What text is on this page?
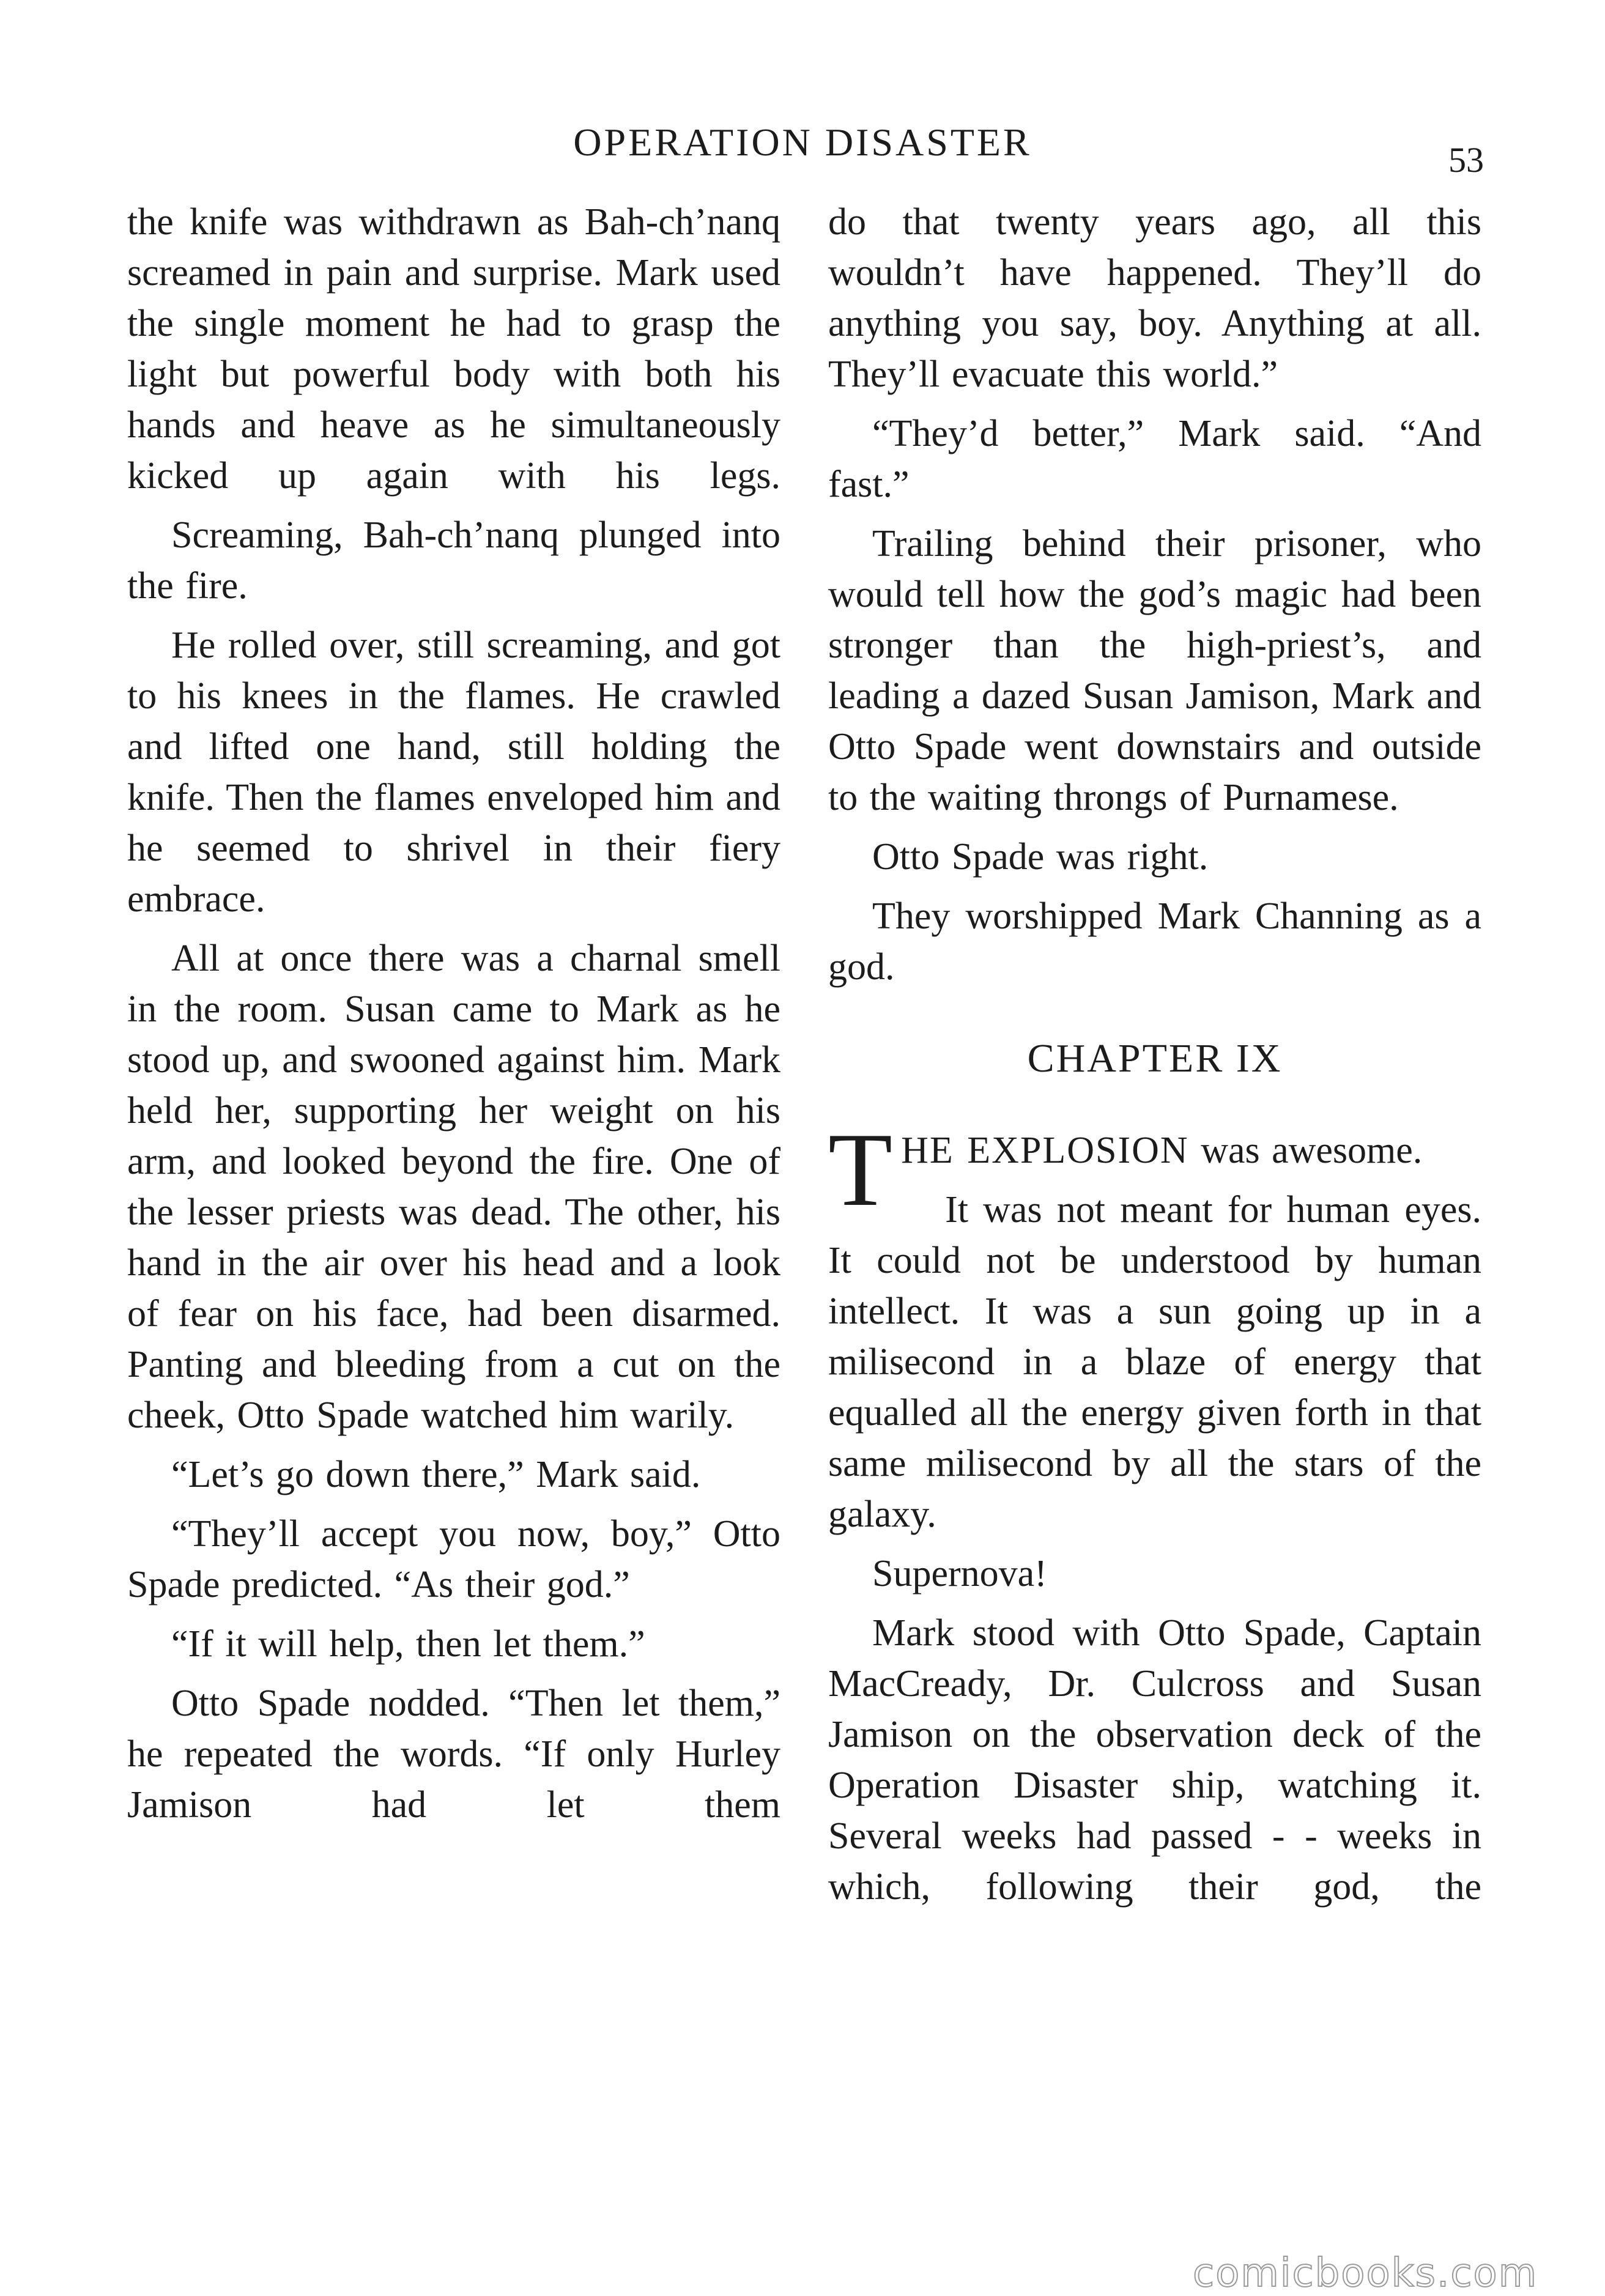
OPERATION DISASTER	53

the knife was withdrawn as Bah-ch’nanq screamed in pain and surprise. Mark used the single moment he had to grasp the light but powerful body with both his hands and heave as he simultaneously kicked up again with his legs.

Screaming, Bah-ch’nanq plunged into the fire.

He rolled over, still screaming, and got to his knees in the flames. He crawled and lifted one hand, still holding the knife. Then the flames enveloped him and he seemed to shrivel in their fiery embrace.

All at once there was a charnal smell in the room. Susan came to Mark as he stood up, and swooned against him. Mark held her, supporting her weight on his arm, and looked beyond the fire. One of the lesser priests was dead. The other, his hand in the air over his head and a look of fear on his face, had been disarmed. Panting and bleeding from a cut on the cheek, Otto Spade watched him warily.

“Let’s go down there,” Mark said.

“They’ll accept you now, boy,” Otto Spade predicted. “As their god.”

“If it will help, then let them.”

Otto Spade nodded. “Then let them,” he repeated the words. “If only Hurley Jamison had let them

do that twenty years ago, all this wouldn’t have happened. They’ll do anything you say, boy. Anything at all. They’ll evacuate this world.”

“They’d better,” Mark said. “And fast.”

Trailing behind their prisoner, who would tell how the god’s magic had been stronger than the high-priest’s, and leading a dazed Susan Jamison, Mark and Otto Spade went downstairs and outside to the waiting throngs of Purnamese.

Otto Spade was right.

They worshipped Mark Channing as a god.

CHAPTER IX

THE EXPLOSION was awesome.

It was not meant for human eyes. It could not be understood by human intellect. It was a sun going up in a milisecond in a blaze of energy that equalled all the energy given forth in that same milisecond by all the stars of the galaxy.

Supernova!

Mark stood with Otto Spade, Captain MacCready, Dr. Culcross and Susan Jamison on the observation deck of the Operation Disaster ship, watching it. Several weeks had passed - - weeks in which, following their god, the

comicbooks.com
